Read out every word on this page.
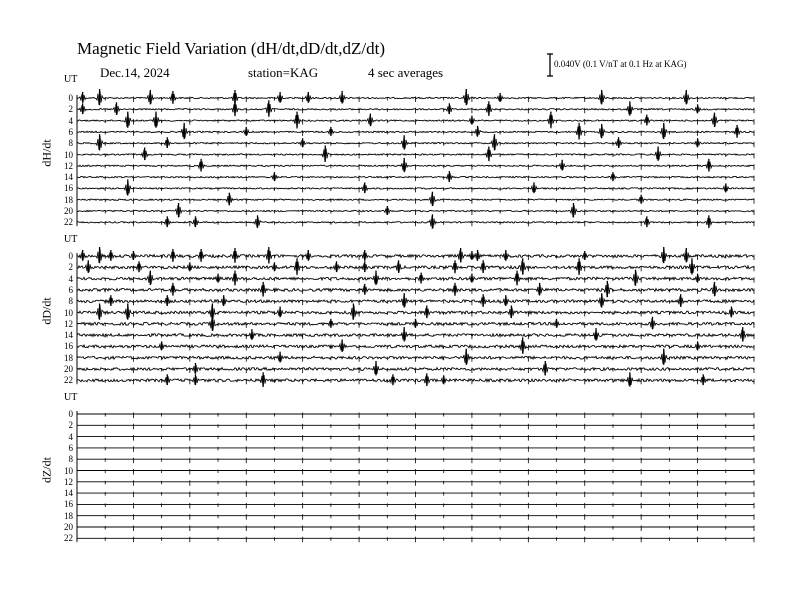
Magnetic Field Variation (dH/dt,dD/dt,dZ/dt)
Dec.14, 2024	station=KAG	4 sec averages
0.040V (0.1 V/nT at 0.1 Hz at KAG)
UT
dH/dt
0
2
4
6
8
10
12
14
16
18
20
22
UT
dD/dt
0
2
4
6
8
10
12
14
16
18
20
22
UT
dZ/dt
0
2
4
6
8
10
12
14
16
18
20
22
